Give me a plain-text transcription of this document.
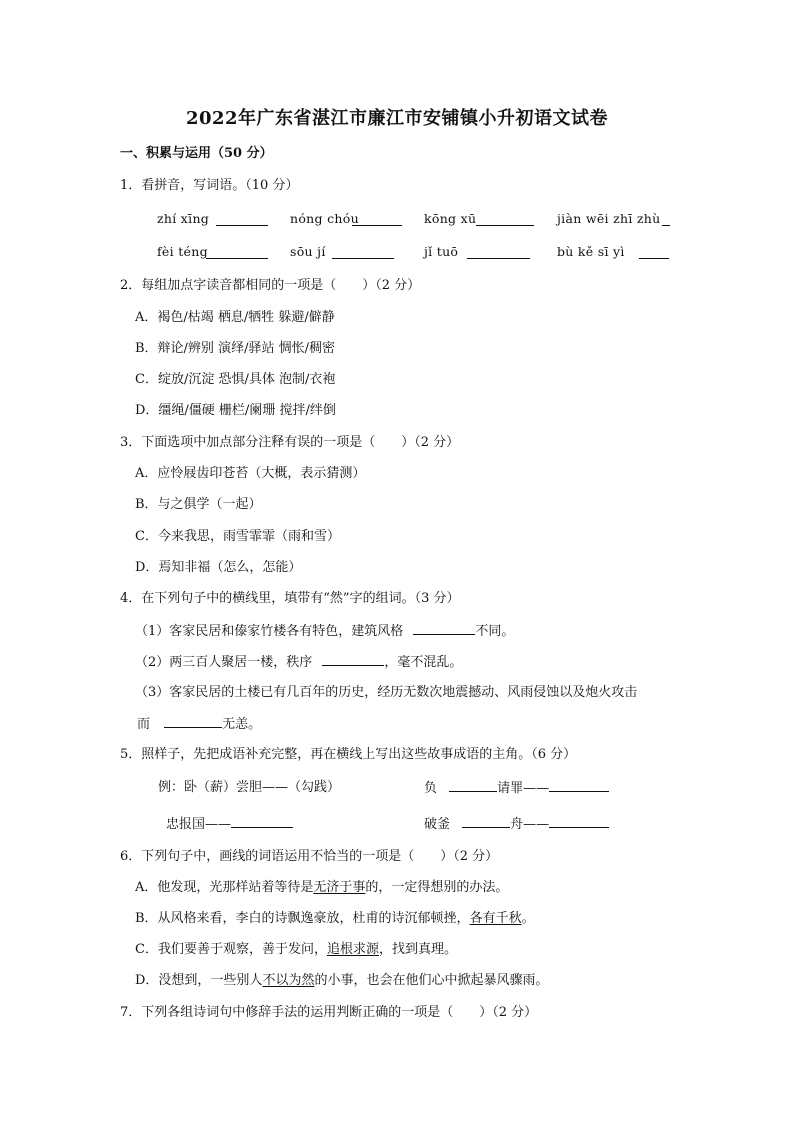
2022年广东省湛江市廉江市安铺镇小升初语文试卷
一、积累与运用（50 分）
1．看拼音，写词语。（10 分）
zhí xīng	nóng chóu	kōng xū	jiàn wēi zhī zhù
fèi téng	sōu jí	jǐ tuō	bù kě sī yì
2．每组加点字读音都相同的一项是（　　）（2 分）
A．褐色/枯竭 栖息/牺牲 躲避/僻静
B．辩论/辨别 演绎/驿站 惆怅/稠密
C．绽放/沉淀 恐惧/具体 泡制/衣袍
D．缰绳/僵硬 栅栏/阑珊 搅拌/绊倒
3．下面选项中加点部分注释有误的一项是（　　）（2 分）
A．应怜屐齿印苍苔（大概，表示猜测）
B．与之俱学（一起）
C．今来我思，雨雪霏霏（雨和雪）
D．焉知非福（怎么，怎能）
4．在下列句子中的横线里，填带有“然”字的组词。（3 分）
（1）客家民居和傣家竹楼各有特色，建筑风格	不同。
（2）两三百人聚居一楼，秩序	，毫不混乱。
（3）客家民居的土楼已有几百年的历史，经历无数次地震撼动、风雨侵蚀以及炮火攻击
而	无恙。
5．照样子，先把成语补充完整，再在横线上写出这些故事成语的主角。（6 分）
例：卧（薪）尝胆——（勾践）	负	请罪——
忠报国——	破釜	舟——
6．下列句子中，画线的词语运用不恰当的一项是（　　）（2 分）
A．他发现，光那样站着等待是无济于事的，一定得想别的办法。
B．从风格来看，李白的诗飘逸豪放，杜甫的诗沉郁顿挫，各有千秋。
C．我们要善于观察，善于发问，追根求源，找到真理。
D．没想到，一些别人不以为然的小事，也会在他们心中掀起暴风骤雨。
7．下列各组诗词句中修辞手法的运用判断正确的一项是（　　）（2 分）
